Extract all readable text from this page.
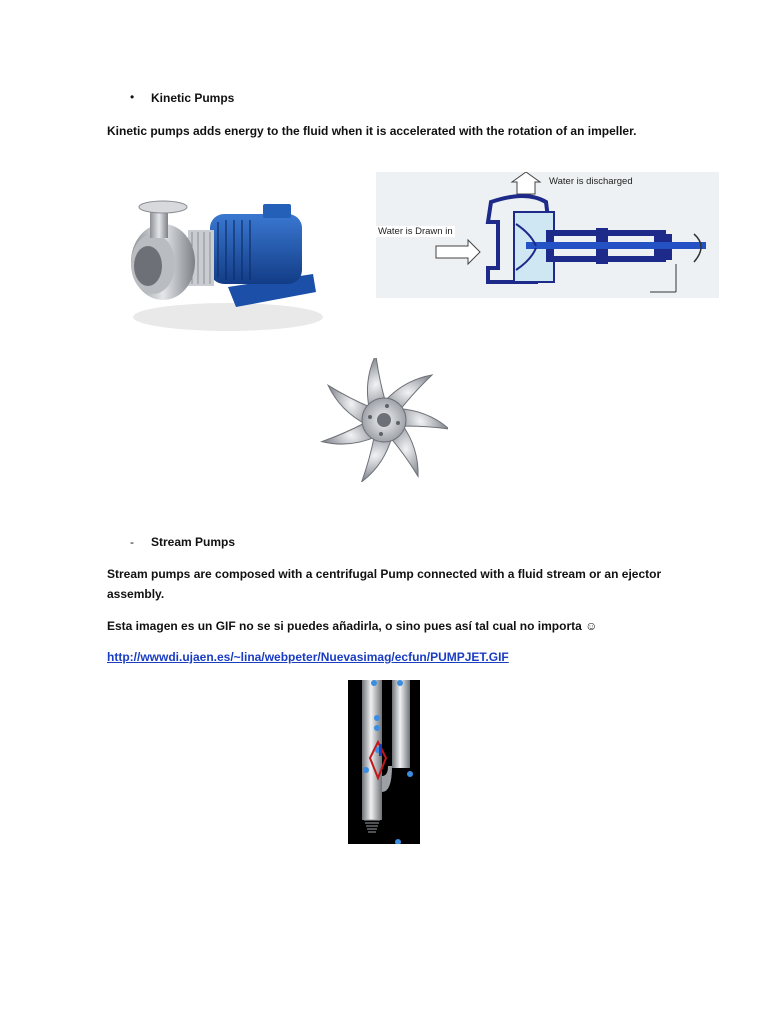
• Kinetic Pumps
Kinetic pumps adds energy to the fluid when it is accelerated with the rotation of an impeller.
Water is discharged
Water is Drawn in
- Stream Pumps
Stream pumps are composed with a centrifugal Pump connected with a fluid stream or an ejector
assembly.
Esta imagen es un GIF no se si puedes añadirla, o sino pues así tal cual no importa ☺
http://wwwdi.ujaen.es/~lina/webpeter/Nuevasimag/ecfun/PUMPJET.GIF
